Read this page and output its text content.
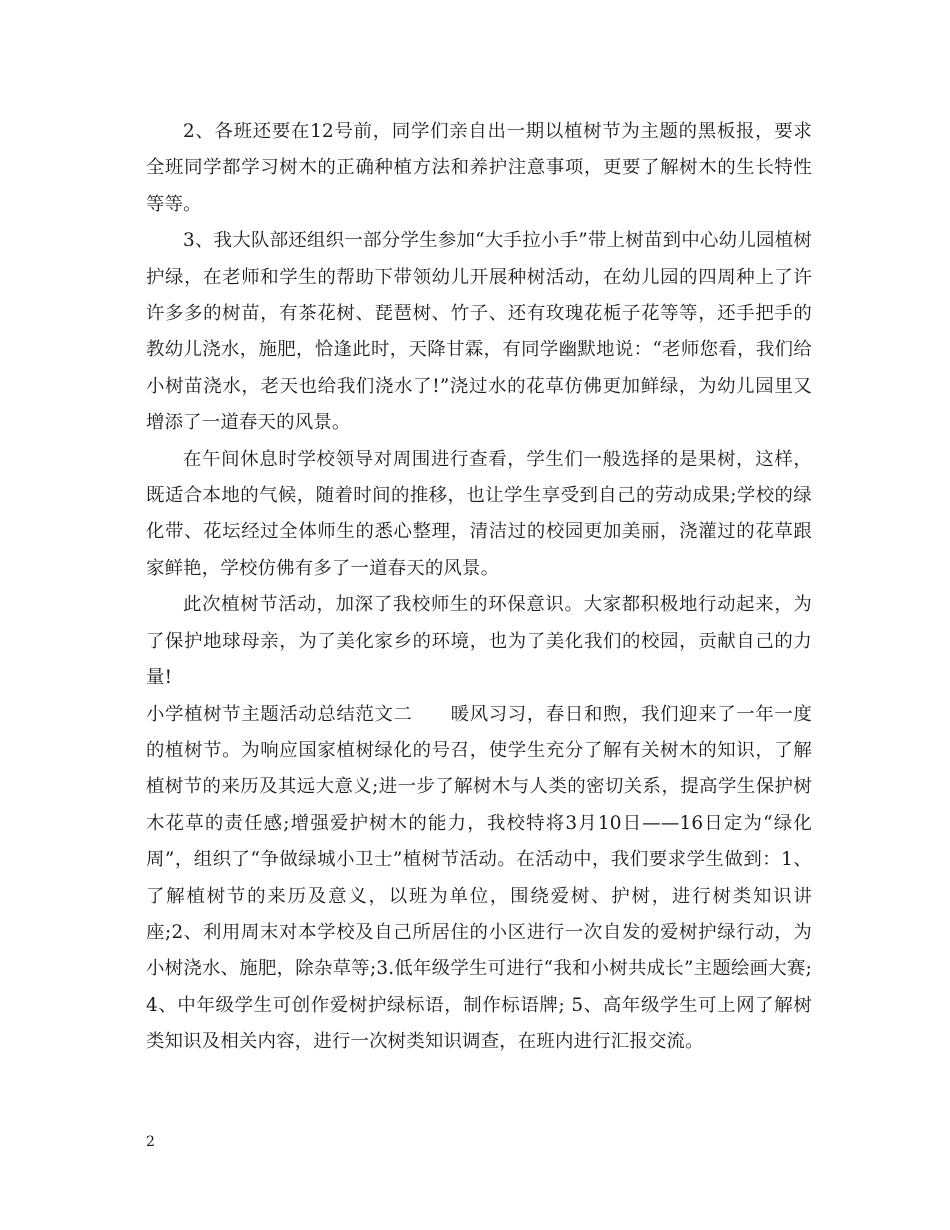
2、各班还要在12号前，同学们亲自出一期以植树节为主题的黑板报，要求全班同学都学习树木的正确种植方法和养护注意事项，更要了解树木的生长特性等等。

3、我大队部还组织一部分学生参加“大手拉小手”带上树苗到中心幼儿园植树护绿，在老师和学生的帮助下带领幼儿开展种树活动，在幼儿园的四周种上了许许多多的树苗，有茶花树、琵琶树、竹子、还有玫瑰花栀子花等等，还手把手的教幼儿浇水，施肥，恰逢此时，天降甘霖，有同学幽默地说：“老师您看，我们给小树苗浇水，老天也给我们浇水了!”浇过水的花草仿佛更加鲜绿，为幼儿园里又增添了一道春天的风景。

在午间休息时学校领导对周围进行查看，学生们一般选择的是果树，这样，既适合本地的气候，随着时间的推移，也让学生享受到自己的劳动成果;学校的绿化带、花坛经过全体师生的悉心整理，清洁过的校园更加美丽，浇灌过的花草跟家鲜艳，学校仿佛有多了一道春天的风景。

此次植树节活动，加深了我校师生的环保意识。大家都积极地行动起来，为了保护地球母亲，为了美化家乡的环境，也为了美化我们的校园，贡献自己的力量!

小学植树节主题活动总结范文二　　暖风习习，春日和煦，我们迎来了一年一度的植树节。为响应国家植树绿化的号召，使学生充分了解有关树木的知识，了解植树节的来历及其远大意义;进一步了解树木与人类的密切关系，提高学生保护树木花草的责任感;增强爱护树木的能力，我校特将3月10日——16日定为“绿化周”，组织了“争做绿城小卫士”植树节活动。在活动中，我们要求学生做到：1、了解植树节的来历及意义，以班为单位，围绕爱树、护树，进行树类知识讲座;2、利用周末对本学校及自己所居住的小区进行一次自发的爱树护绿行动，为小树浇水、施肥，除杂草等;3.低年级学生可进行“我和小树共成长”主题绘画大赛; 4、中年级学生可创作爱树护绿标语，制作标语牌; 5、高年级学生可上网了解树类知识及相关内容，进行一次树类知识调查，在班内进行汇报交流。

2
